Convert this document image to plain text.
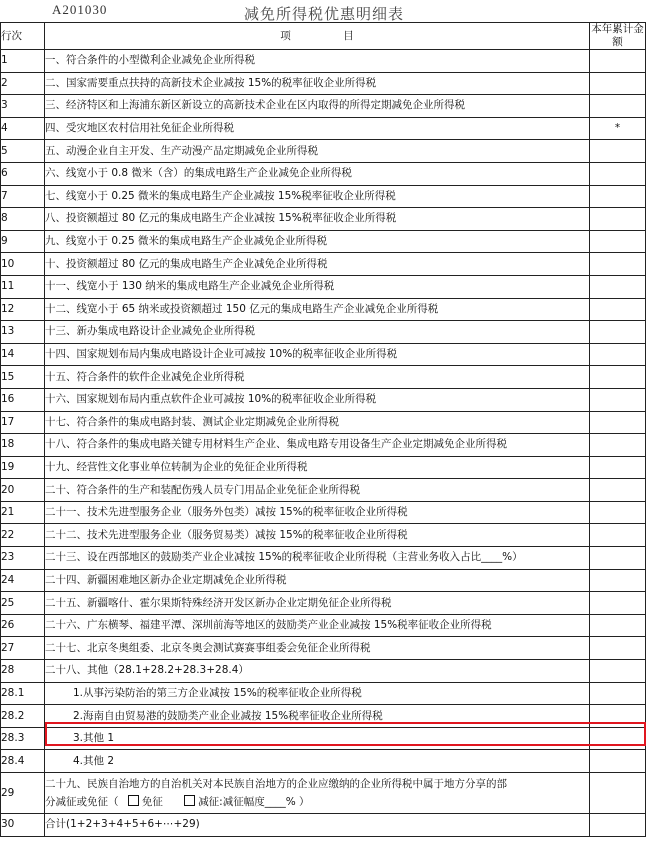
A201030	减免所得税优惠明细表
行次	项　　　　　目	本年累计金额
1	一、符合条件的小型微利企业减免企业所得税	
2	二、国家需要重点扶持的高新技术企业减按 15%的税率征收企业所得税	
3	三、经济特区和上海浦东新区新设立的高新技术企业在区内取得的所得定期减免企业所得税	
4	四、受灾地区农村信用社免征企业所得税	*
5	五、动漫企业自主开发、生产动漫产品定期减免企业所得税	
6	六、线宽小于 0.8 微米（含）的集成电路生产企业减免企业所得税	
7	七、线宽小于 0.25 微米的集成电路生产企业减按 15%税率征收企业所得税	
8	八、投资额超过 80 亿元的集成电路生产企业减按 15%税率征收企业所得税	
9	九、线宽小于 0.25 微米的集成电路生产企业减免企业所得税	
10	十、投资额超过 80 亿元的集成电路生产企业减免企业所得税	
11	十一、线宽小于 130 纳米的集成电路生产企业减免企业所得税	
12	十二、线宽小于 65 纳米或投资额超过 150 亿元的集成电路生产企业减免企业所得税	
13	十三、新办集成电路设计企业减免企业所得税	
14	十四、国家规划布局内集成电路设计企业可减按 10%的税率征收企业所得税	
15	十五、符合条件的软件企业减免企业所得税	
16	十六、国家规划布局内重点软件企业可减按 10%的税率征收企业所得税	
17	十七、符合条件的集成电路封装、测试企业定期减免企业所得税	
18	十八、符合条件的集成电路关键专用材料生产企业、集成电路专用设备生产企业定期减免企业所得税	
19	十九、经营性文化事业单位转制为企业的免征企业所得税	
20	二十、符合条件的生产和装配伤残人员专门用品企业免征企业所得税	
21	二十一、技术先进型服务企业（服务外包类）减按 15%的税率征收企业所得税	
22	二十二、技术先进型服务企业（服务贸易类）减按 15%的税率征收企业所得税	
23	二十三、设在西部地区的鼓励类产业企业减按 15%的税率征收企业所得税（主营业务收入占比____%）	
24	二十四、新疆困难地区新办企业定期减免企业所得税	
25	二十五、新疆喀什、霍尔果斯特殊经济开发区新办企业定期免征企业所得税	
26	二十六、广东横琴、福建平潭、深圳前海等地区的鼓励类产业企业减按 15%税率征收企业所得税	
27	二十七、北京冬奥组委、北京冬奥会测试赛赛事组委会免征企业所得税	
28	二十八、其他（28.1+28.2+28.3+28.4）	
28.1	1.从事污染防治的第三方企业减按 15%的税率征收企业所得税	
28.2	2.海南自由贸易港的鼓励类产业企业减按 15%税率征收企业所得税	
28.3	3.其他 1	
28.4	4.其他 2	
29	二十九、民族自治地方的自治机关对本民族自治地方的企业应缴纳的企业所得税中属于地方分享的部
分减征或免征（ 免征 减征:减征幅度____% ）	
30	合计(1+2+3+4+5+6+⋯+29)	
